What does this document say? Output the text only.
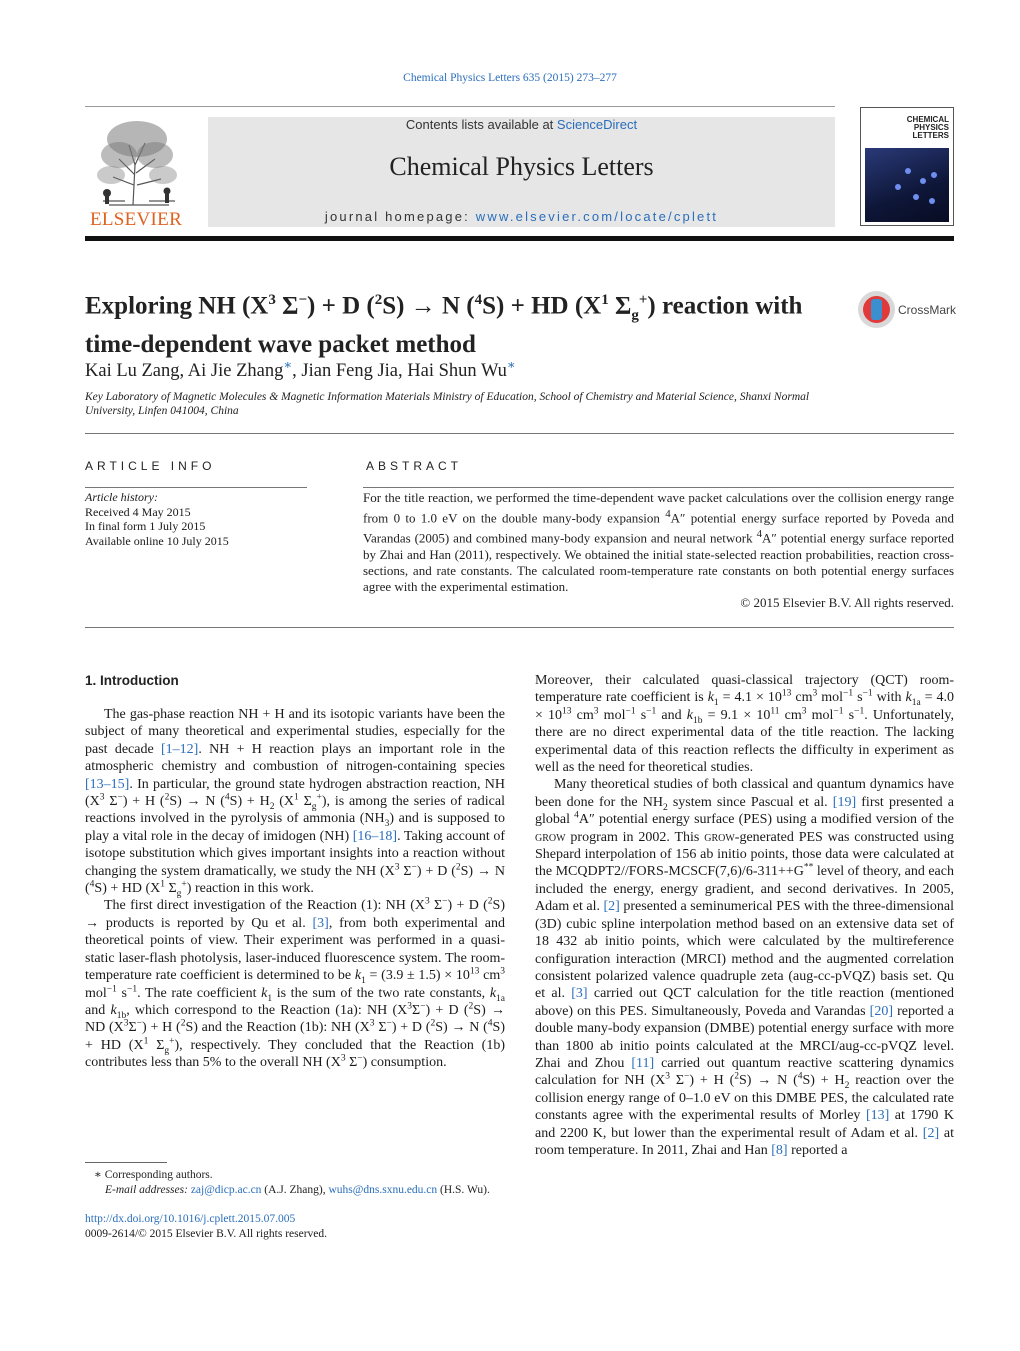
Chemical Physics Letters 635 (2015) 273–277
ELSEVIER
Contents lists available at ScienceDirect
Chemical Physics Letters
journal homepage: www.elsevier.com/locate/cplett
CHEMICAL PHYSICS LETTERS
Exploring NH ($X^3$ Σ−) + D ($^2$S) → N ($^4$S) + HD ($X^1$ $\Sigma_g^+$) reaction with time-dependent wave packet method
CrossMark
Kai Lu Zang, Ai Jie Zhang∗, Jian Feng Jia, Hai Shun Wu∗
Key Laboratory of Magnetic Molecules & Magnetic Information Materials Ministry of Education, School of Chemistry and Material Science, Shanxi Normal University, Linfen 041004, China
ARTICLE INFO
Article history:
Received 4 May 2015
In final form 1 July 2015
Available online 10 July 2015
ABSTRACT
For the title reaction, we performed the time-dependent wave packet calculations over the collision energy range from 0 to 1.0 eV on the double many-body expansion $^4$A″ potential energy surface reported by Poveda and Varandas (2005) and combined many-body expansion and neural network $^4$A″ potential energy surface reported by Zhai and Han (2011), respectively. We obtained the initial state-selected reaction probabilities, reaction cross-sections, and rate constants. The calculated room-temperature rate constants on both potential energy surfaces agree with the experimental estimation.
© 2015 Elsevier B.V. All rights reserved.
1. Introduction

The gas-phase reaction NH + H and its isotopic variants have been the subject of many theoretical and experimental studies, especially for the past decade [1–12]. NH + H reaction plays an important role in the atmospheric chemistry and combustion of nitrogen-containing species [13–15]. In particular, the ground state hydrogen abstraction reaction, NH ($X^3$ Σ−) + H ($^2$S) → N $(^4S) + H_2$ ($X^1$ $\Sigma_g^+$), is among the series of radical reactions involved in the pyrolysis of ammonia $(NH_3)$ and is supposed to play a vital role in the decay of imidogen (NH) [16–18]. Taking account of isotope substitution which gives important insights into a reaction without changing the system dramatically, we study the NH ($X^3$ Σ−) + D ($^2$S) → N ($^4$S) + HD ($X^1$ $\Sigma_g^+$) reaction in this work.

The first direct investigation of the Reaction (1): NH ($X^3$ Σ−) + D ($^2$S) → products is reported by Qu et al. [3], from both experimental and theoretical points of view. Their experiment was performed in a quasi-static laser-flash photolysis, laser-induced fluorescence system. The room-temperature rate coefficient is determined to be $k_1 = (3.9 \pm 1.5) \times 10^{13}$ $cm^3$ mol$^{-1}$ $s^{-1}$. The rate coefficient $k_1$ is the sum of the two rate constants, $k_{1a}$ and $k_{1b}$, which correspond to the Reaction (1a): NH $(X^3\Sigma^-) + D$ ($^2$S) → ND $(X^3\Sigma^-) + H$ ($^2$S) and the Reaction (1b): NH ($X^3$ Σ−) + D ($^2$S) → N ($^4$S) + HD ($X^1$ $\Sigma_g^+$), respectively. They concluded that the Reaction (1b) contributes less than 5% to the overall NH ($X^3$ Σ−) consumption.

Moreover, their calculated quasi-classical trajectory (QCT) room-temperature rate coefficient is $k_1 = 4.1 \times 10^{13}$ $cm^3$ mol$^{-1}$ $s^{-1}$ with $k_{1a} = 4.0 \times 10^{13}$ $cm^3$ mol$^{-1}$ $s^{-1}$ and $k_{1b} = 9.1 \times 10^{11}$ $cm^3$ mol$^{-1}$ $s^{-1}$. Unfortunately, there are no direct experimental data of the title reaction. The lacking experimental data of this reaction reflects the difficulty in experiment as well as the need for theoretical studies.

Many theoretical studies of both classical and quantum dynamics have been done for the $NH_2$ system since Pascual et al. [19] first presented a global $^4$A″ potential energy surface (PES) using a modified version of the grow program in 2002. This grow-generated PES was constructed using Shepard interpolation of 156 ab initio points, those data were calculated at the MCQDPT2//FORS-MCSCF(7,6)/6-311++G** level of theory, and each included the energy, energy gradient, and second derivatives. In 2005, Adam et al. [2] presented a seminumerical PES with the three-dimensional (3D) cubic spline interpolation method based on an extensive data set of 18 432 ab initio points, which were calculated by the multireference configuration interaction (MRCI) method and the augmented correlation consistent polarized valence quadruple zeta (aug-cc-pVQZ) basis set. Qu et al. [3] carried out QCT calculation for the title reaction (mentioned above) on this PES. Simultaneously, Poveda and Varandas [20] reported a double many-body expansion (DMBE) potential energy surface with more than 1800 ab initio points calculated at the MRCI/aug-cc-pVQZ level. Zhai and Zhou [11] carried out quantum reactive scattering dynamics calculation for NH ($X^3$ Σ−) + H ($^2$S) → N $(^4S) + H_2$ reaction over the collision energy range of 0–1.0 eV on this DMBE PES, the calculated rate constants agree with the experimental results of Morley [13] at 1790 K and 2200 K, but lower than the experimental result of Adam et al. [2] at room temperature. In 2011, Zhai and Han [8] reported a

∗ Corresponding authors.
E-mail addresses: zaj@dicp.ac.cn (A.J. Zhang), wuhs@dns.sxnu.edu.cn (H.S. Wu).
http://dx.doi.org/10.1016/j.cplett.2015.07.005
0009-2614/© 2015 Elsevier B.V. All rights reserved.
